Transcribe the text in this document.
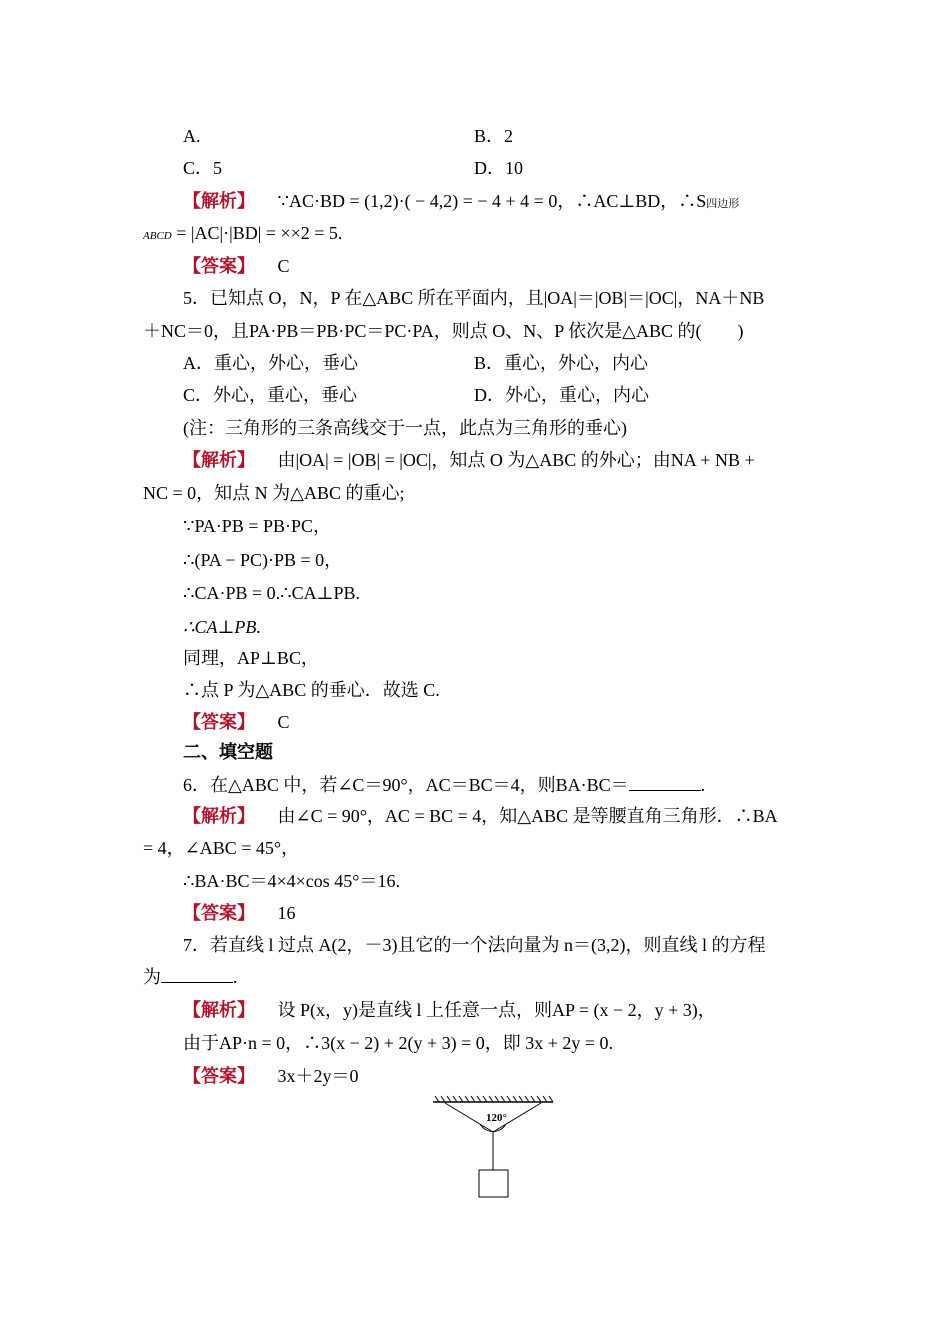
A.	B．2
C．5	D．10
【解析】 ∵AC·BD = (1,2)·( − 4,2) = − 4 + 4 = 0，∴AC⊥BD，∴S四边形
ABCD = |AC|·|BD| = ××2 = 5.
【答案】 C
5．已知点 O，N，P 在△ABC 所在平面内，且|OA|＝|OB|＝|OC|，NA＋NB
＋NC＝0，且PA·PB＝PB·PC＝PC·PA，则点 O、N、P 依次是△ABC 的(　　)
A．重心，外心，垂心	B．重心，外心，内心
C．外心，重心，垂心	D．外心，重心，内心
(注：三角形的三条高线交于一点，此点为三角形的垂心)
【解析】 由|OA| = |OB| = |OC|，知点 O 为△ABC 的外心；由NA + NB +
NC = 0，知点 N 为△ABC 的重心;
∵PA·PB = PB·PC，
∴(PA − PC)·PB = 0，
∴CA·PB = 0.∴CA⊥PB.
∴CA⊥PB.
同理，AP⊥BC，
∴点 P 为△ABC 的垂心．故选 C.
【答案】 C
二、填空题
6．在△ABC 中，若∠C＝90°，AC＝BC＝4，则BA·BC＝	.
【解析】 由∠C = 90°，AC = BC = 4，知△ABC 是等腰直角三角形．∴BA
= 4，∠ABC = 45°，
∴BA·BC＝4×4×cos 45°＝16.
【答案】 16
7．若直线 l 过点 A(2，－3)且它的一个法向量为 n＝(3,2)，则直线 l 的方程
为	.
【解析】 设 P(x，y)是直线 l 上任意一点，则AP = (x − 2，y + 3)，
由于AP·n = 0，∴3(x − 2) + 2(y + 3) = 0，即 3x + 2y = 0.
【答案】 3x＋2y＝0
120°
